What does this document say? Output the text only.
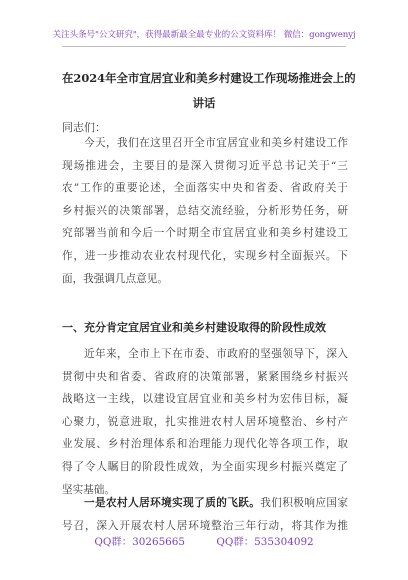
关注头条号"公文研究"，获得最新最全最专业的公文资料库！ 微信：gongwenyj
在2024年全市宜居宜业和美乡村建设工作现场推进会上的
讲话
同志们：
今天，我们在这里召开全市宜居宜业和美乡村建设工作
现场推进会，主要目的是深入贯彻习近平总书记关于“三
农”工作的重要论述，全面落实中央和省委、省政府关于
乡村振兴的决策部署，总结交流经验，分析形势任务，研
究部署当前和今后一个时期全市宜居宜业和美乡村建设工
作，进一步推动农业农村现代化，实现乡村全面振兴。下
面，我强调几点意见。
一、充分肯定宜居宜业和美乡村建设取得的阶段性成效
近年来，全市上下在市委、市政府的坚强领导下，深入
贯彻中央和省委、省政府的决策部署，紧紧围绕乡村振兴
战略这一主线，以建设宜居宜业和美乡村为宏伟目标，凝
心聚力，锐意进取，扎实推进农村人居环境整治、乡村产
业发展、乡村治理体系和治理能力现代化等各项工作，取
得了令人瞩目的阶段性成效，为全面实现乡村振兴奠定了
坚实基础。
一是农村人居环境实现了质的飞跃。我们积极响应国家
号召，深入开展农村人居环境整治三年行动，将其作为推
QQ群：30265665	QQ群：535304092
